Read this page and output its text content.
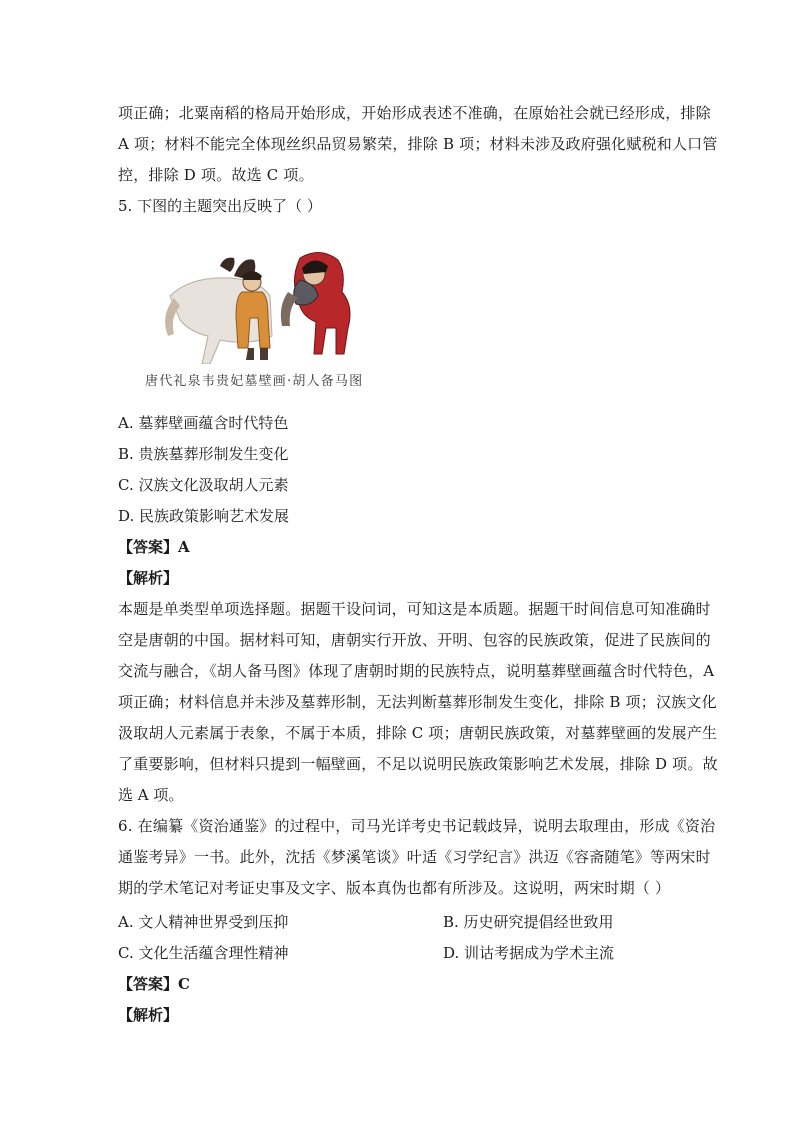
项正确；北粟南稻的格局开始形成，开始形成表述不准确，在原始社会就已经形成，排除
A 项；材料不能完全体现丝织品贸易繁荣，排除 B 项；材料未涉及政府强化赋税和人口管
控，排除 D 项。故选 C 项。
5. 下图的主题突出反映了（ ）
唐代礼泉韦贵妃墓壁画·胡人备马图
A. 墓葬壁画蕴含时代特色
B. 贵族墓葬形制发生变化
C. 汉族文化汲取胡人元素
D. 民族政策影响艺术发展
【答案】A
【解析】
本题是单类型单项选择题。据题干设问词，可知这是本质题。据题干时间信息可知准确时
空是唐朝的中国。据材料可知，唐朝实行开放、开明、包容的民族政策，促进了民族间的
交流与融合，《胡人备马图》体现了唐朝时期的民族特点，说明墓葬壁画蕴含时代特色，A
项正确；材料信息并未涉及墓葬形制，无法判断墓葬形制发生变化，排除 B 项；汉族文化
汲取胡人元素属于表象，不属于本质，排除 C 项；唐朝民族政策，对墓葬壁画的发展产生
了重要影响，但材料只提到一幅壁画，不足以说明民族政策影响艺术发展，排除 D 项。故
选 A 项。
6. 在编纂《资治通鉴》的过程中，司马光详考史书记载歧异，说明去取理由，形成《资治
通鉴考异》一书。此外，沈括《梦溪笔谈》叶适《习学纪言》洪迈《容斋随笔》等两宋时
期的学术笔记对考证史事及文字、版本真伪也都有所涉及。这说明，两宋时期（ ）
A. 文人精神世界受到压抑	B. 历史研究提倡经世致用
C. 文化生活蕴含理性精神	D. 训诂考据成为学术主流
【答案】C
【解析】
